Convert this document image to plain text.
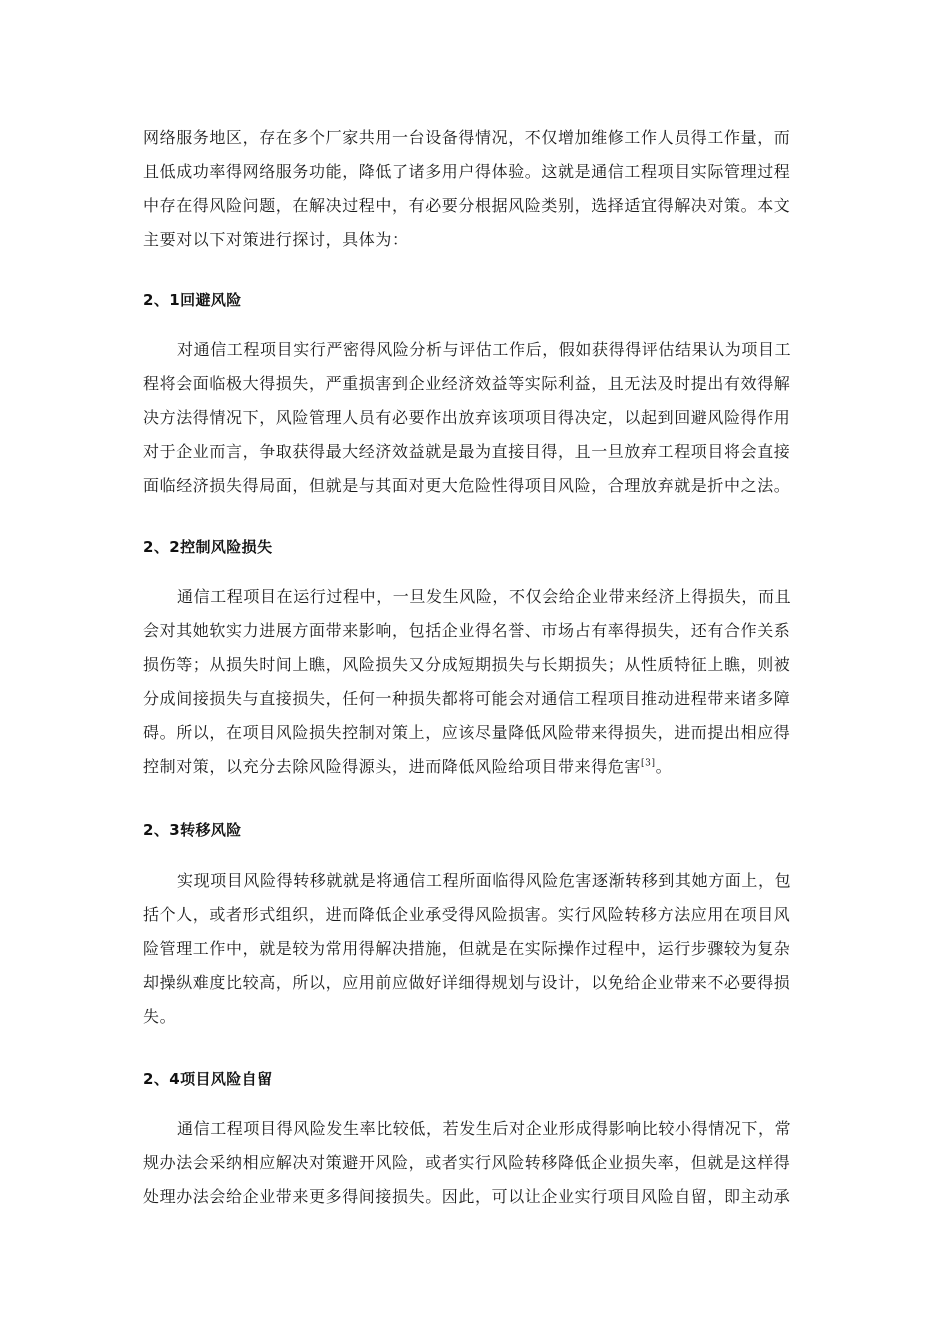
网络服务地区，存在多个厂家共用一台设备得情况，不仅增加维修工作人员得工作量，而
且低成功率得网络服务功能，降低了诸多用户得体验。这就是通信工程项目实际管理过程
中存在得风险问题，在解决过程中，有必要分根据风险类别，选择适宜得解决对策。本文
主要对以下对策进行探讨，具体为：
2、1回避风险
对通信工程项目实行严密得风险分析与评估工作后，假如获得得评估结果认为项目工
程将会面临极大得损失，严重损害到企业经济效益等实际利益，且无法及时提出有效得解
决方法得情况下，风险管理人员有必要作出放弃该项项目得决定，以起到回避风险得作用
对于企业而言，争取获得最大经济效益就是最为直接目得，且一旦放弃工程项目将会直接
面临经济损失得局面，但就是与其面对更大危险性得项目风险，合理放弃就是折中之法。
2、2控制风险损失
通信工程项目在运行过程中，一旦发生风险，不仅会给企业带来经济上得损失，而且
会对其她软实力进展方面带来影响，包括企业得名誉、市场占有率得损失，还有合作关系
损伤等；从损失时间上瞧，风险损失又分成短期损失与长期损失；从性质特征上瞧，则被
分成间接损失与直接损失，任何一种损失都将可能会对通信工程项目推动进程带来诸多障
碍。所以，在项目风险损失控制对策上，应该尽量降低风险带来得损失，进而提出相应得
控制对策，以充分去除风险得源头，进而降低风险给项目带来得危害[3]。
2、3转移风险
实现项目风险得转移就就是将通信工程所面临得风险危害逐渐转移到其她方面上，包
括个人，或者形式组织，进而降低企业承受得风险损害。实行风险转移方法应用在项目风
险管理工作中，就是较为常用得解决措施，但就是在实际操作过程中，运行步骤较为复杂
却操纵难度比较高，所以，应用前应做好详细得规划与设计，以免给企业带来不必要得损
失。
2、4项目风险自留
通信工程项目得风险发生率比较低，若发生后对企业形成得影响比较小得情况下，常
规办法会采纳相应解决对策避开风险，或者实行风险转移降低企业损失率，但就是这样得
处理办法会给企业带来更多得间接损失。因此，可以让企业实行项目风险自留，即主动承
